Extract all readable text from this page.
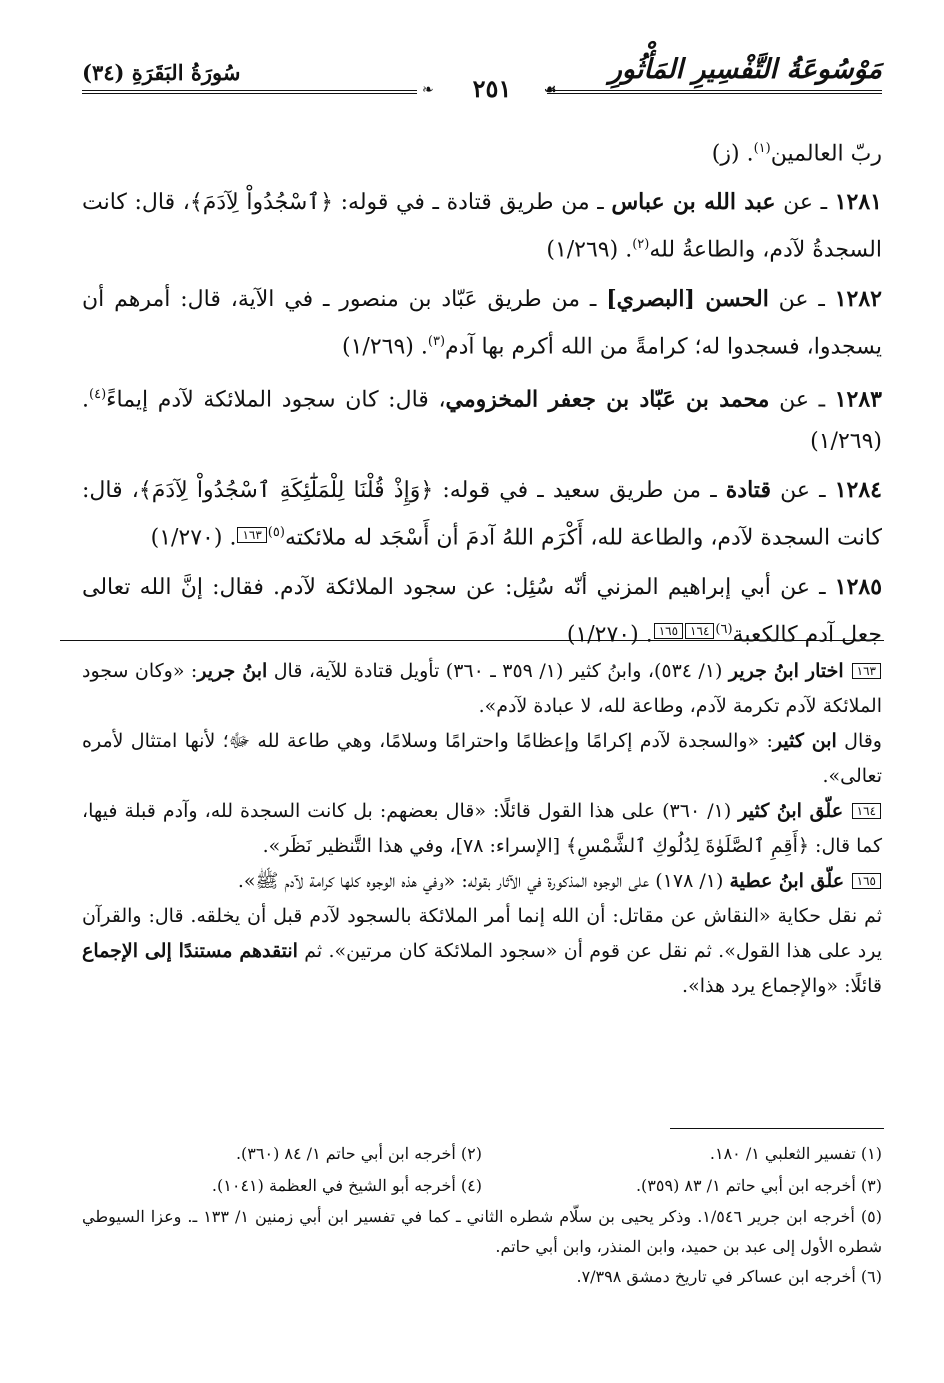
مَوْسُوعَةُ التَّفْسِيرِ المَأْثُورِ
سُورَةُ البَقَرَةِ (٣٤)
❧	٢٥١	☙

ربّ العالمين$^{(١)}$. (ز)

١٢٨١ ـ عن عبد الله بن عباس ـ من طريق قتادة ـ في قوله: ﴿ٱسْجُدُواْ لِآدَمَ﴾، قال: كانت السجدةُ لآدم، والطاعةُ لله$^{(٢)}$. (١/٢٦٩)

١٢٨٢ ـ عن الحسن [البصري] ـ من طريق عَبّاد بن منصور ـ في الآية، قال: أمرهم أن يسجدوا، فسجدوا له؛ كرامةً من الله أكرم بها آدم$^{(٣)}$. (١/٢٦٩)

١٢٨٣ ـ عن محمد بن عَبّاد بن جعفر المخزومي، قال: كان سجود الملائكة لآدم إيماءً$^{(٤)}$. (١/٢٦٩)

١٢٨٤ ـ عن قتادة ـ من طريق سعيد ـ في قوله: ﴿وَإِذْ قُلْنَا لِلْمَلَٰٓئِكَةِ ٱسْجُدُواْ لِآدَمَ﴾، قال: كانت السجدة لآدم، والطاعة لله، أَكْرَم اللهُ آدمَ أن أَسْجَد له ملائكته$^{(٥)}$١٦٣. (١/٢٧٠)

١٢٨٥ ـ عن أبي إبراهيم المزني أنّه سُئِل: عن سجود الملائكة لآدم. فقال: إنَّ الله تعالى جعل آدم كالكعبة$^{(٦)}$١٦٤١٦٥. (١/٢٧٠)

١٦٣ اختار ابنُ جرير (١/ ٥٣٤)، وابنُ كثير (١/ ٣٥٩ ـ ٣٦٠) تأويل قتادة للآية، قال ابنُ جرير: «وكان سجود الملائكة لآدم تكرمة لآدم، وطاعة لله، لا عبادة لآدم».

وقال ابن كثير: «والسجدة لآدم إكرامًا وإعظامًا واحترامًا وسلامًا، وهي طاعة لله ﷻ؛ لأنها امتثال لأمره تعالى».

١٦٤ علّق ابنُ كثير (١/ ٣٦٠) على هذا القول قائلًا: «قال بعضهم: بل كانت السجدة لله، وآدم قبلة فيها، كما قال: ﴿أَقِمِ ٱلصَّلَوٰةَ لِدُلُوكِ ٱلشَّمْسِ﴾ [الإسراء: ٧٨]، وفي هذا التَّنظير نَظَر».

١٦٥ علّق ابنُ عطية (١/ ١٧٨) على الوجوه المذكورة في الآثار بقوله: «وفي هذه الوجوه كلها كرامة لآدم ﷺ».

ثم نقل حكاية «النقاش عن مقاتل: أن الله إنما أمر الملائكة بالسجود لآدم قبل أن يخلقه. قال: والقرآن يرد على هذا القول». ثم نقل عن قوم أن «سجود الملائكة كان مرتين». ثم انتقدهم مستندًا إلى الإجماع قائلًا: «والإجماع يرد هذا».

(١) تفسير الثعلبي ١/ ١٨٠.
(٢) أخرجه ابن أبي حاتم ١/ ٨٤ (٣٦٠).
(٣) أخرجه ابن أبي حاتم ١/ ٨٣ (٣٥٩).
(٤) أخرجه أبو الشيخ في العظمة (١٠٤١).

(٥) أخرجه ابن جرير ١/٥٤٦. وذكر يحيى بن سلّام شطره الثاني ـ كما في تفسير ابن أبي زمنين ١/ ١٣٣ ـ. وعزا السيوطي شطره الأول إلى عبد بن حميد، وابن المنذر، وابن أبي حاتم.

(٦) أخرجه ابن عساكر في تاريخ دمشق ٧/٣٩٨.
